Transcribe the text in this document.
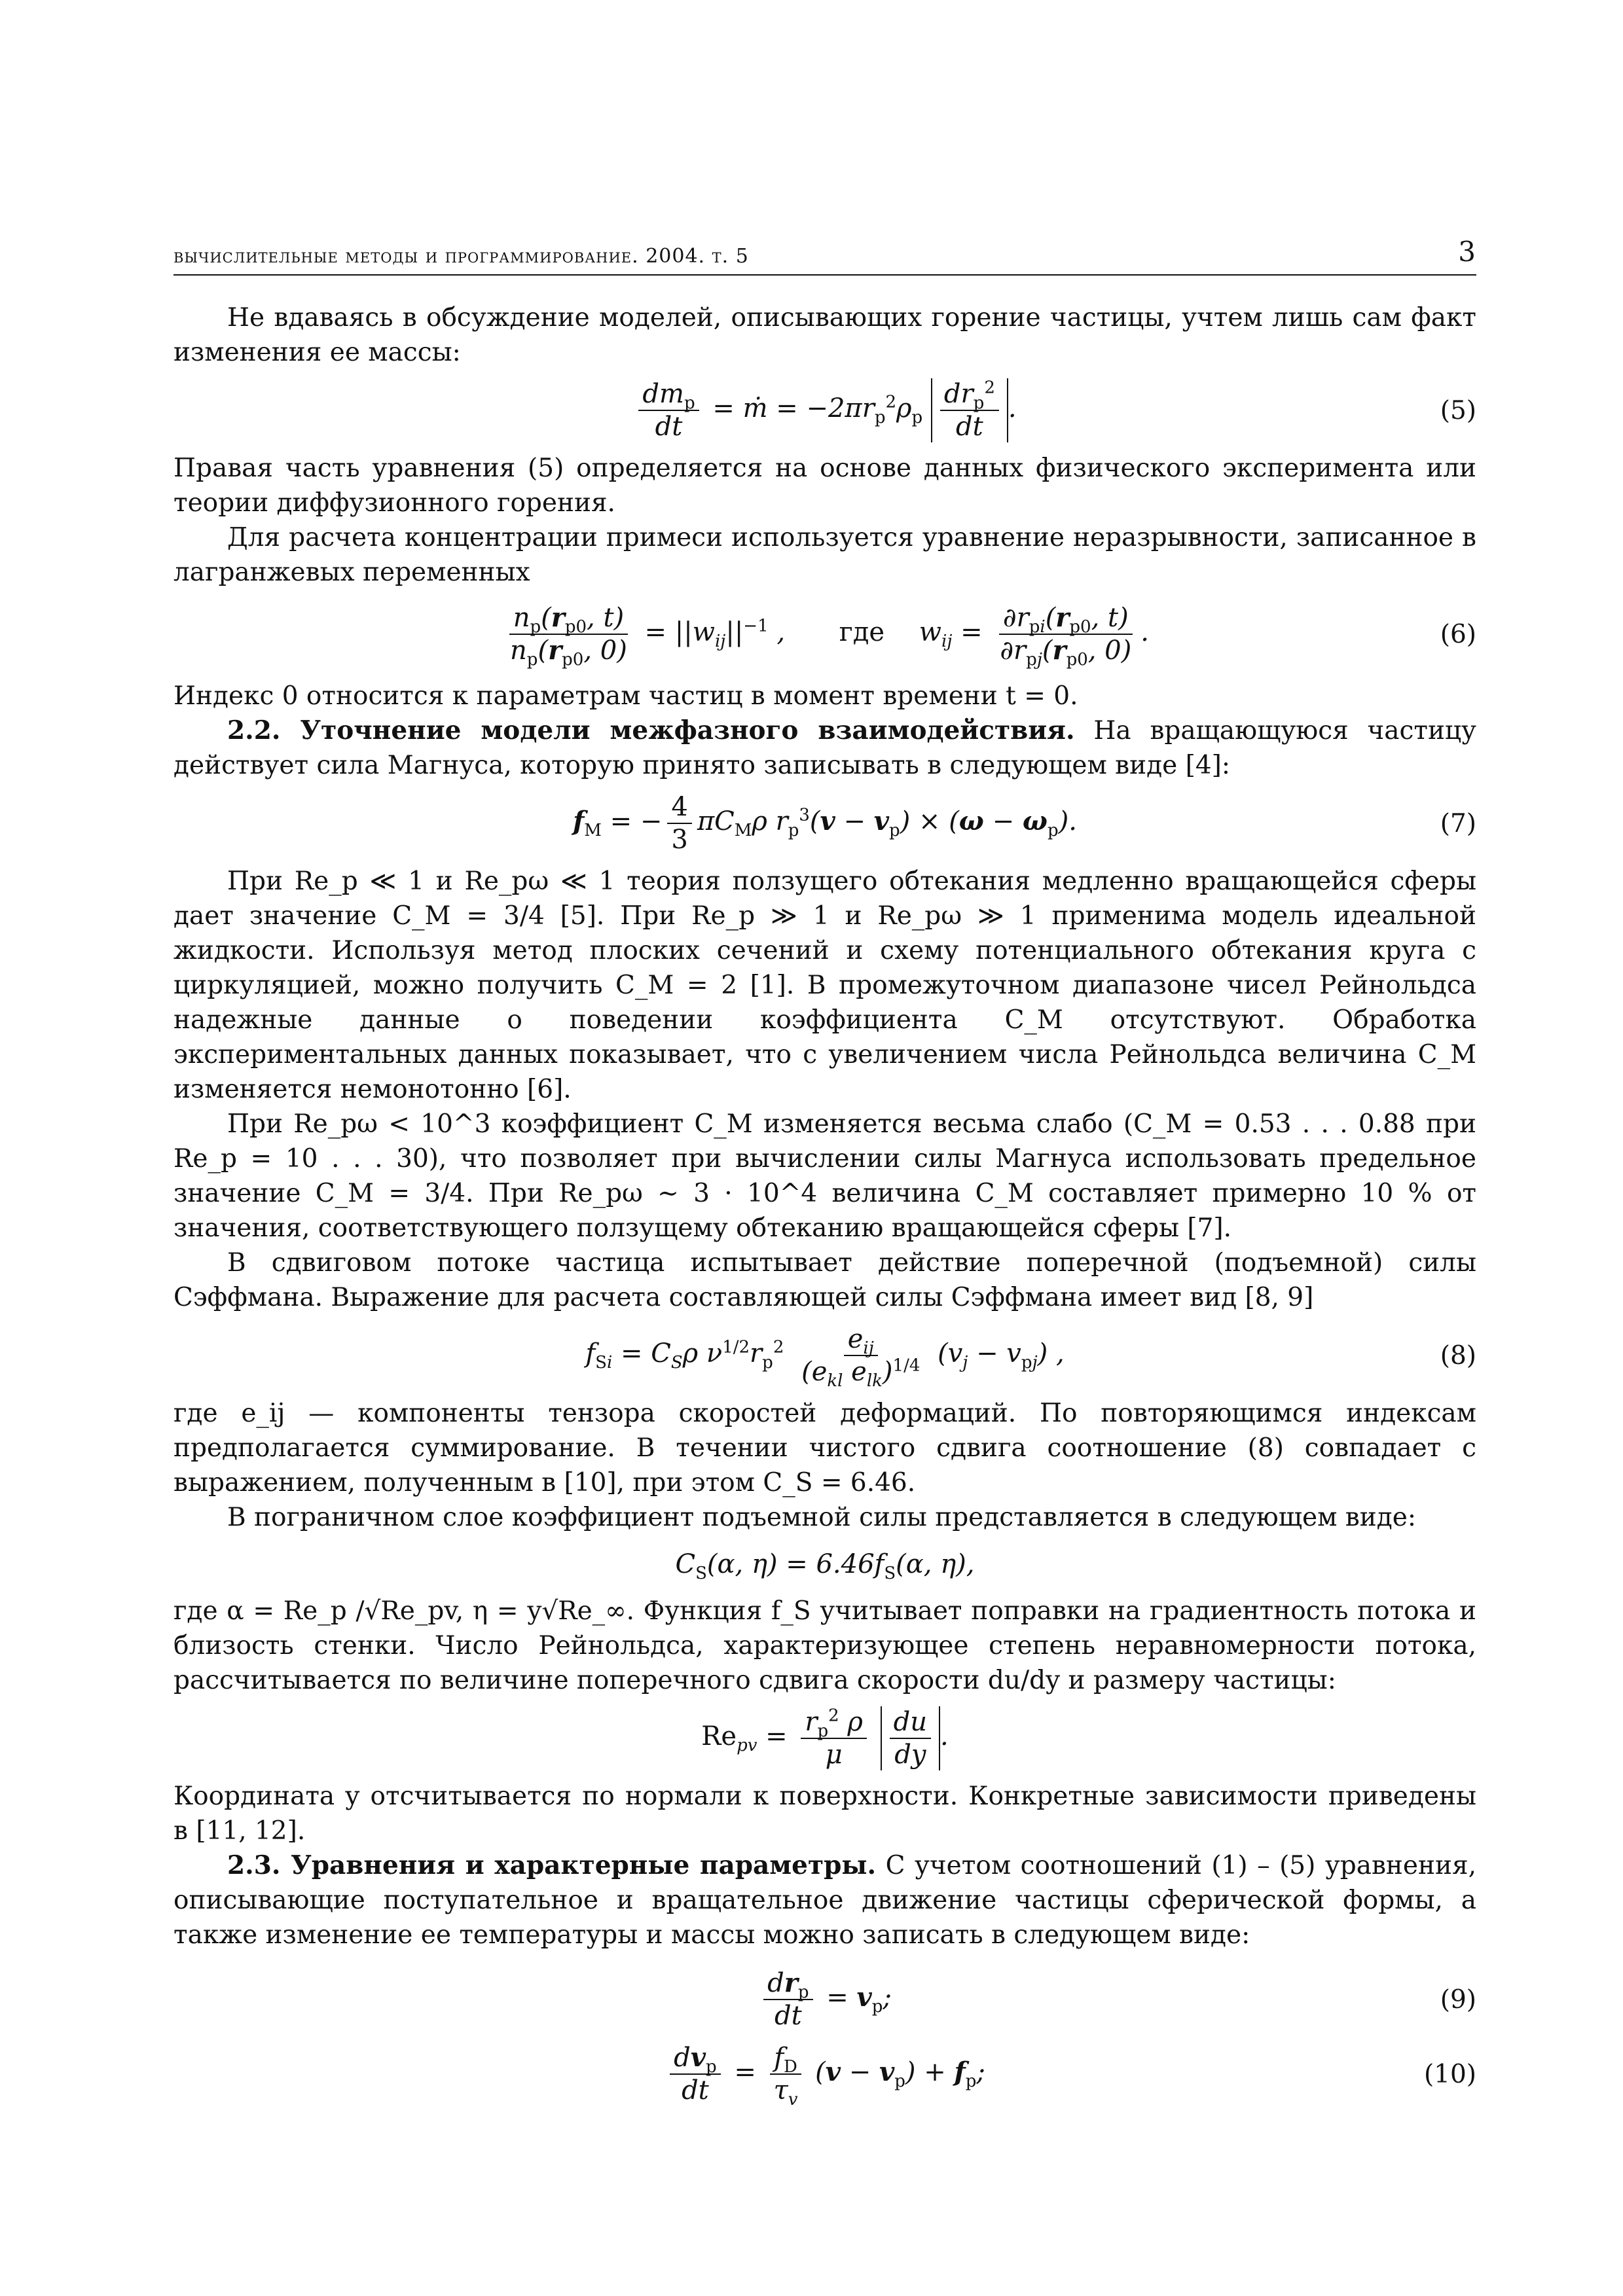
вычислительные методы и программирование. 2004. т. 5	3

Не вдаваясь в обсуждение моделей, описывающих горение частицы, учтем лишь сам факт изменения ее массы:

$\frac{dm_p}{dt}$ = ṁ = $-2\pi r_p^2\rho_p \frac{dr_p^2}{dt}$ .	(5)

Правая часть уравнения (5) определяется на основе данных физического эксперимента или теории диффузионного горения.

Для расчета концентрации примеси используется уравнение неразрывности, записанное в лагранжевых переменных

$\frac{n_p(r_{p0}, t)}{n_p(r_{p0}, 0)} = ||w_{ij}||^{-1}$ , где $w_{ij} = \frac{\partial r_{pi}(r_{p0}, t)}{\partial r_{pj}(r_{p0}, 0)}$ .	(6)

Индекс 0 относится к параметрам частиц в момент времени t = 0.

2.2. Уточнение модели межфазного взаимодействия. На вращающуюся частицу действует сила Магнуса, которую принято записывать в следующем виде [4]:

$f_M$ = − $\frac{4}{3} \pi C_M\rho$ $r_p^3(v - v_p) \times (\omega - \omega_p)$.	(7)

При Re_p ≪ 1 и Re_pω ≪ 1 теория ползущего обтекания медленно вращающейся сферы дает значение C_M = 3/4 [5]. При Re_p ≫ 1 и Re_pω ≫ 1 применима модель идеальной жидкости. Используя метод плоских сечений и схему потенциального обтекания круга с циркуляцией, можно получить C_M = 2 [1]. В промежуточном диапазоне чисел Рейнольдса надежные данные о поведении коэффициента C_M отсутствуют. Обработка экспериментальных данных показывает, что с увеличением числа Рейнольдса величина C_M изменяется немонотонно [6].

При Re_pω < 10^3 коэффициент C_M изменяется весьма слабо (C_M = 0.53 . . . 0.88 при Re_p = 10 . . . 30), что позволяет при вычислении силы Магнуса использовать предельное значение C_M = 3/4. При Re_pω ∼ 3 · 10^4 величина C_M составляет примерно 10 % от значения, соответствующего ползущему обтеканию вращающейся сферы [7].

В сдвиговом потоке частица испытывает действие поперечной (подъемной) силы Сэффмана. Выражение для расчета составляющей силы Сэффмана имеет вид [8, 9]

$f_{Si} = C_S\rho$ $\nu^{1/2}r_p^2 \frac{e_{ij}}{(e_{kl} e_{lk})^{1/4}} (v_j - v_{pj})$ ,	(8)

где e_ij — компоненты тензора скоростей деформаций. По повторяющимся индексам предполагается суммирование. В течении чистого сдвига соотношение (8) совпадает с выражением, полученным в [10], при этом C_S = 6.46.

В пограничном слое коэффициент подъемной силы представляется в следующем виде:

$C_S(\alpha$, $\eta) = 6.46f_S(\alpha$, η),

где α = Re_p /√Re_pv, η = y√Re_∞. Функция f_S учитывает поправки на градиентность потока и близость стенки. Число Рейнольдса, характеризующее степень неравномерности потока, рассчитывается по величине поперечного сдвига скорости du/dy и размеру частицы:

$Re_{pv} = \frac{r_p^2 \rho}{\mu}$
$\frac{du}{dy}$ .

Координата y отсчитывается по нормали к поверхности. Конкретные зависимости приведены в [11, 12].

2.3. Уравнения и характерные параметры. С учетом соотношений (1) – (5) уравнения, описывающие поступательное и вращательное движение частицы сферической формы, а также изменение ее температуры и массы можно записать в следующем виде:

$\frac{dr_p}{dt} = v_p$;	(9)
$\frac{dv_p}{dt} = \frac{f_D}{\tau_v} (v - v_p) + f_p$;	(10)
